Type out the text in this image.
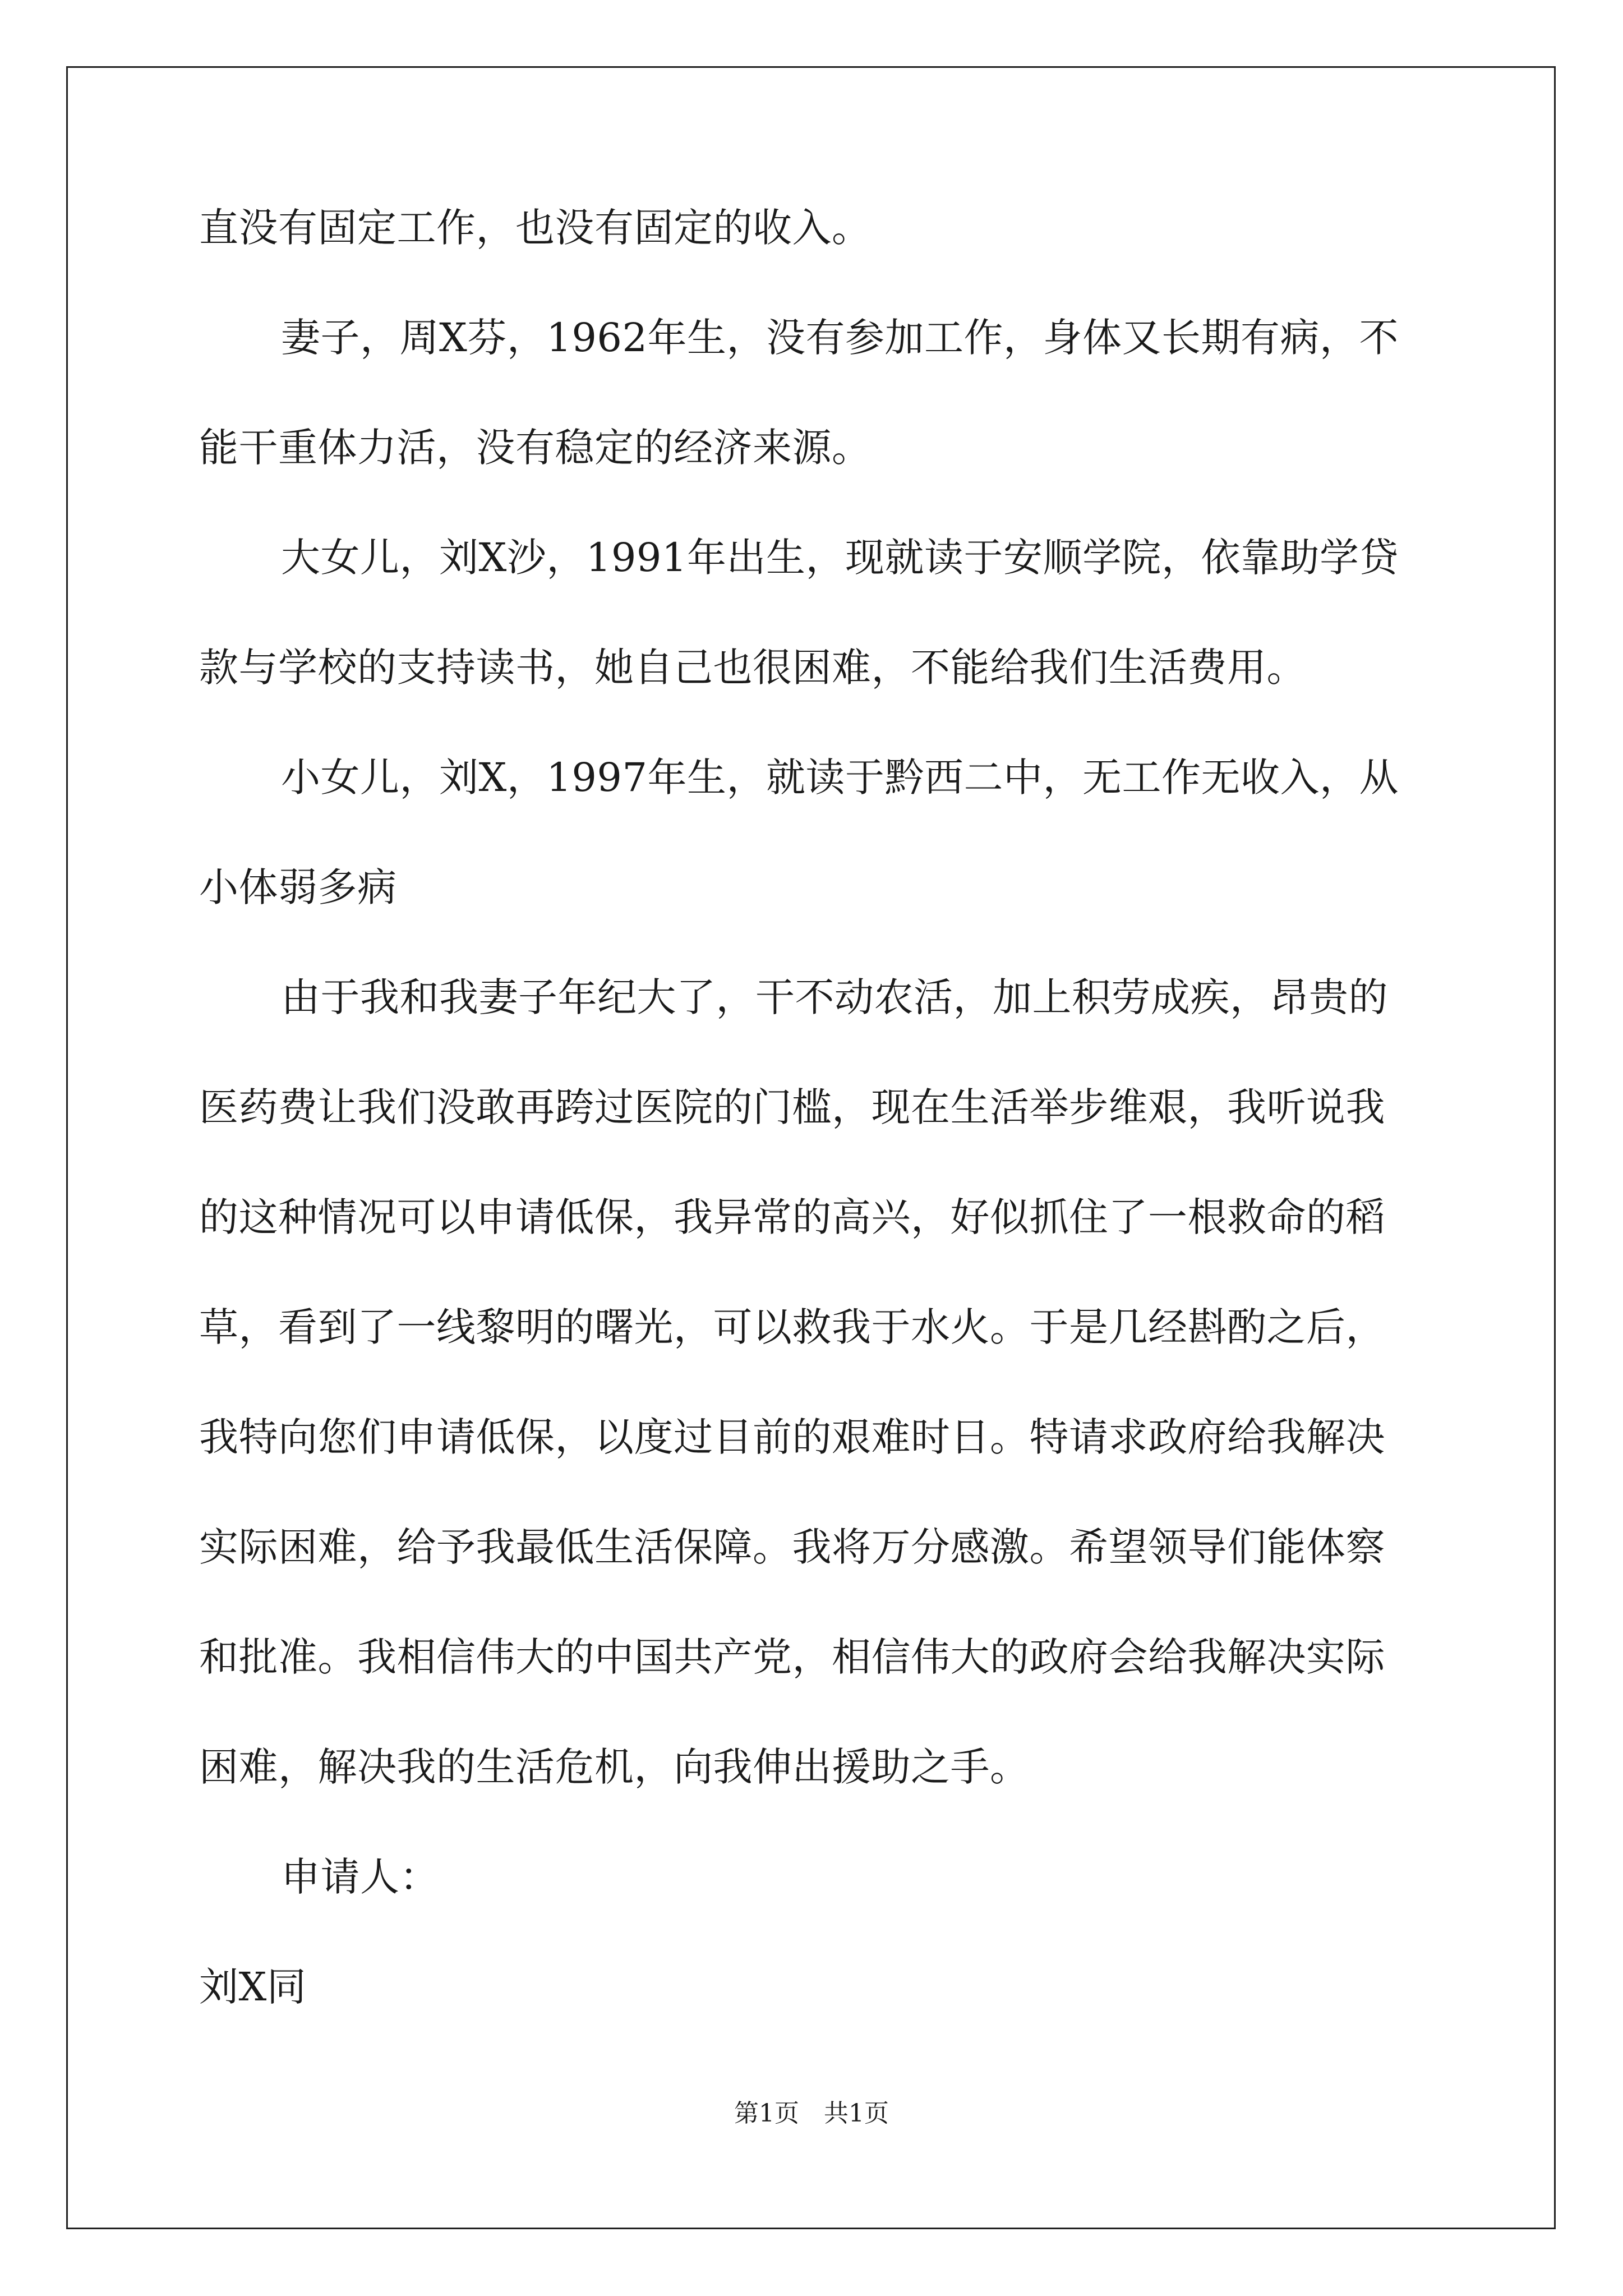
直没有固定工作，也没有固定的收入。
妻子，周X芬，1962年生，没有参加工作，身体又长期有病，不
能干重体力活，没有稳定的经济来源。
大女儿，刘X沙，1991年出生，现就读于安顺学院，依靠助学贷
款与学校的支持读书，她自己也很困难，不能给我们生活费用。
小女儿，刘X，1997年生，就读于黔西二中，无工作无收入，从
小体弱多病
由于我和我妻子年纪大了，干不动农活，加上积劳成疾，昂贵的
医药费让我们没敢再跨过医院的门槛，现在生活举步维艰，我听说我
的这种情况可以申请低保，我异常的高兴，好似抓住了一根救命的稻
草，看到了一线黎明的曙光，可以救我于水火。于是几经斟酌之后，
我特向您们申请低保，以度过目前的艰难时日。特请求政府给我解决
实际困难，给予我最低生活保障。我将万分感激。希望领导们能体察
和批准。我相信伟大的中国共产党，相信伟大的政府会给我解决实际
困难，解决我的生活危机，向我伸出援助之手。
申请人：
刘X同
第1页　共1页
